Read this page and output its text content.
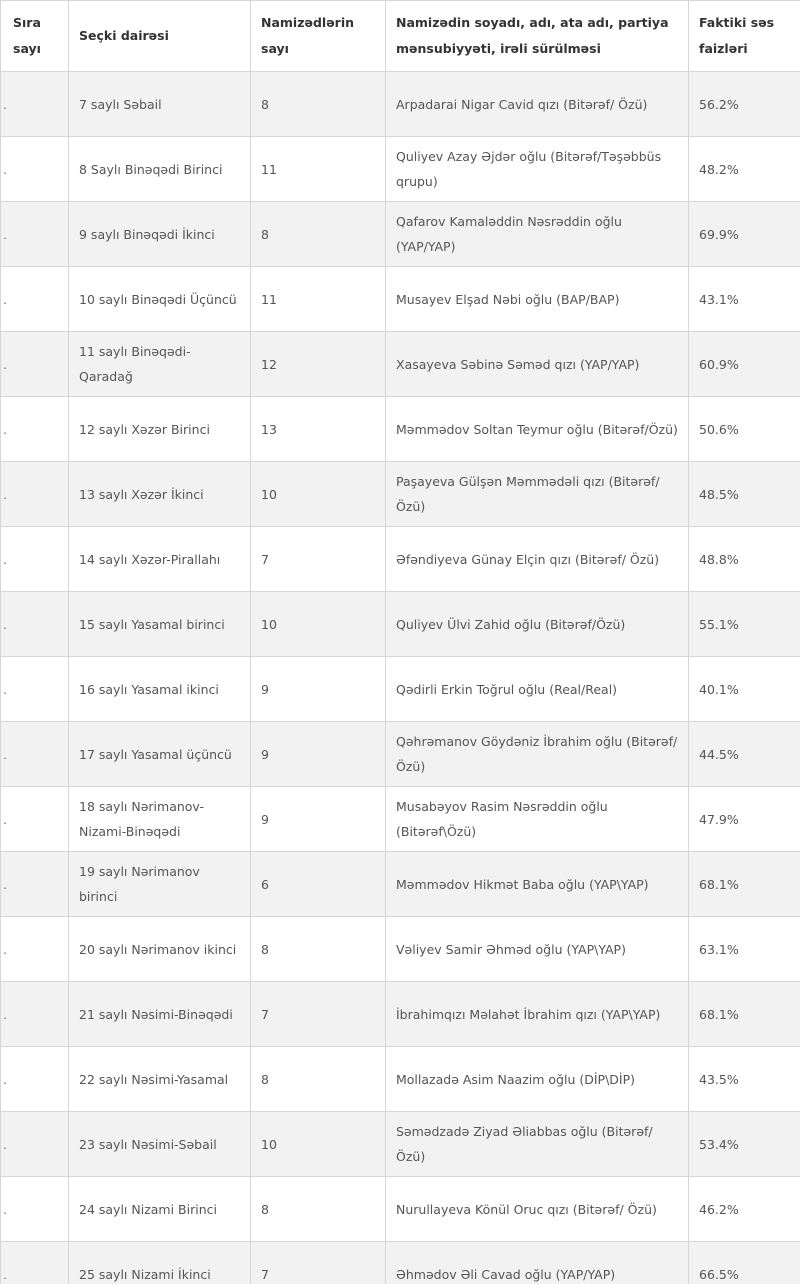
Sıra sayı	Seçki dairəsi	Namizədlərin sayı	Namizədin soyadı, adı, ata adı, partiya mənsubiyyəti, irəli sürülməsi	Faktiki səs faizləri
.	7 saylı Səbail	8	Arpadarai Nigar Cavid qızı (Bitərəf/ Özü)	56.2%
.	8 Saylı Binəqədi Birinci	11	Quliyev Azay Əjdər oğlu (Bitərəf/Təşəbbüs qrupu)	48.2%
.	9 saylı Binəqədi İkinci	8	Qafarov Kamaləddin Nəsrəddin oğlu (YAP/YAP)	69.9%
.	10 saylı Binəqədi Üçüncü	11	Musayev Elşad Nəbi oğlu (BAP/BAP)	43.1%
.	11 saylı Binəqədi-Qaradağ	12	Xasayeva Səbinə Səməd qızı (YAP/YAP)	60.9%
.	12 saylı Xəzər Birinci	13	Məmmədov Soltan Teymur oğlu (Bitərəf/Özü)	50.6%
.	13 saylı Xəzər İkinci	10	Paşayeva Gülşən Məmmədəli qızı (Bitərəf/Özü)	48.5%
.	14 saylı Xəzər-Pirallahı	7	Əfəndiyeva Günay Elçin qızı (Bitərəf/ Özü)	48.8%
.	15 saylı Yasamal birinci	10	Quliyev Ülvi Zahid oğlu (Bitərəf/Özü)	55.1%
.	16 saylı Yasamal ikinci	9	Qədirli Erkin Toğrul oğlu (Real/Real)	40.1%
.	17 saylı Yasamal üçüncü	9	Qəhrəmanov Göydəniz İbrahim oğlu (Bitərəf/Özü)	44.5%
.	18 saylı Nərimanov-Nizami-Binəqədi	9	Musabəyov Rasim Nəsrəddin oğlu (Bitərəf\Özü)	47.9%
.	19 saylı Nərimanov birinci	6	Məmmədov Hikmət Baba oğlu (YAP\YAP)	68.1%
.	20 saylı Nərimanov ikinci	8	Vəliyev Samir Əhməd oğlu (YAP\YAP)	63.1%
.	21 saylı Nəsimi-Binəqədi	7	İbrahimqızı Məlahət İbrahim qızı (YAP\YAP)	68.1%
.	22 saylı Nəsimi-Yasamal	8	Mollazadə Asim Naazim oğlu (DİP\DİP)	43.5%
.	23 saylı Nəsimi-Səbail	10	Səmədzadə Ziyad Əliabbas oğlu (Bitərəf/Özü)	53.4%
.	24 saylı Nizami Birinci	8	Nurullayeva Könül Oruc qızı (Bitərəf/ Özü)	46.2%
.	25 saylı Nizami İkinci	7	Əhmədov Əli Cavad oğlu (YAP/YAP)	66.5%
